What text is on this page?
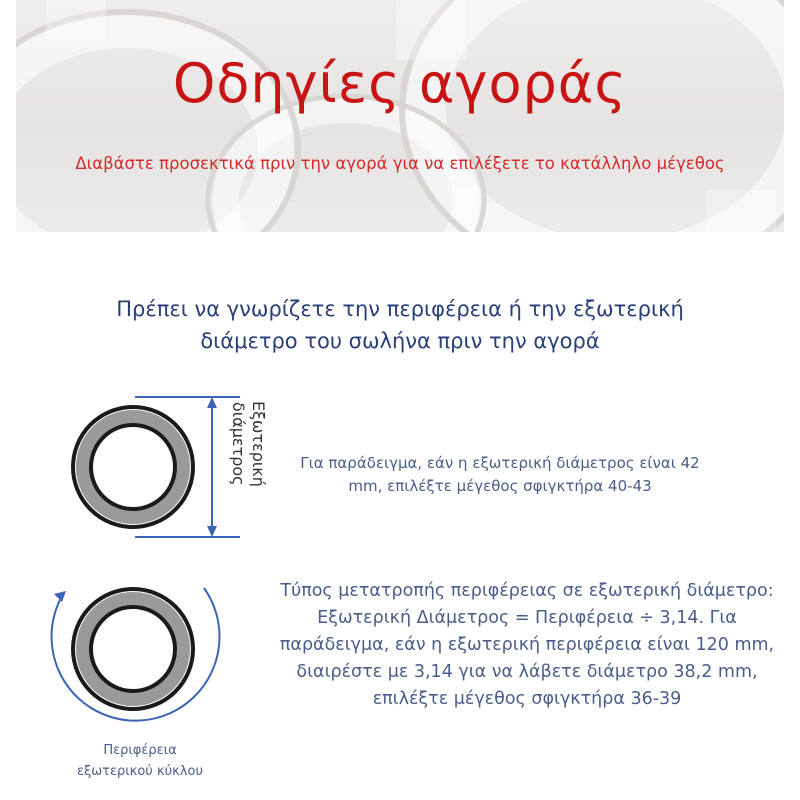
Οδηγίες αγοράς

Διαβάστε προσεκτικά πριν την αγορά για να επιλέξετε το κατάλληλο μέγεθος

Πρέπει να γνωρίζετε την περιφέρεια ή την εξωτερική
διάμετρο του σωλήνα πριν την αγορά
Εξωτερική διάμετρος	Για παράδειγμα, εάν η εξωτερική διάμετρος είναι 42 mm, επιλέξτε μέγεθος σφιγκτήρα 40-43
Τύπος μετατροπής περιφέρειας σε εξωτερική διάμετρο: Εξωτερική Διάμετρος = Περιφέρεια ÷ 3,14. Για παράδειγμα, εάν η εξωτερική περιφέρεια είναι 120 mm, διαιρέστε με 3,14 για να λάβετε διάμετρο 38,2 mm, επιλέξτε μέγεθος σφιγκτήρα 36-39
Περιφέρεια
εξωτερικού κύκλου
